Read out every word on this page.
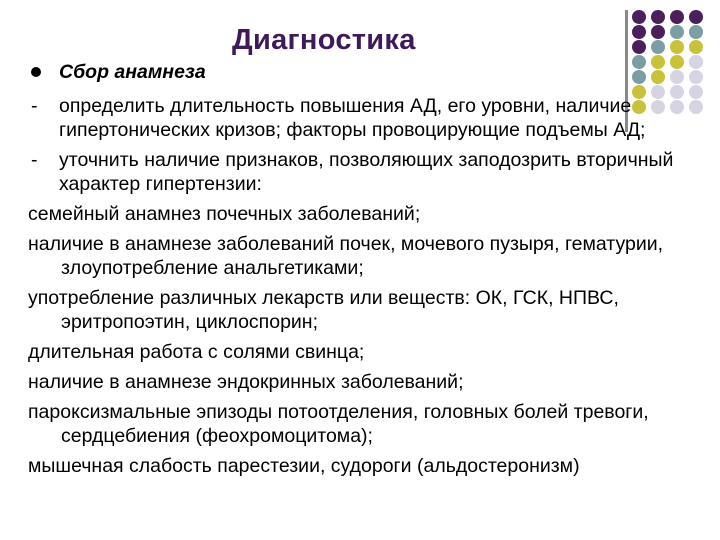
Диагностика
Сбор анамнеза
- определить длительность повышения АД, его уровни, наличие гипертонических кризов; факторы провоцирующие подъемы АД;
- уточнить наличие признаков, позволяющих заподозрить вторичный характер гипертензии:
семейный анамнез почечных заболеваний;
наличие в анамнезе заболеваний почек, мочевого пузыря, гематурии, злоупотребление анальгетиками;
употребление различных лекарств или веществ: ОК, ГСК, НПВС, эритропоэтин, циклоспорин;
длительная работа с солями свинца;
наличие в анамнезе эндокринных заболеваний;
пароксизмальные эпизоды потоотделения, головных болей тревоги, сердцебиения (феохромоцитома);
мышечная слабость парестезии, судороги (альдостеронизм)
